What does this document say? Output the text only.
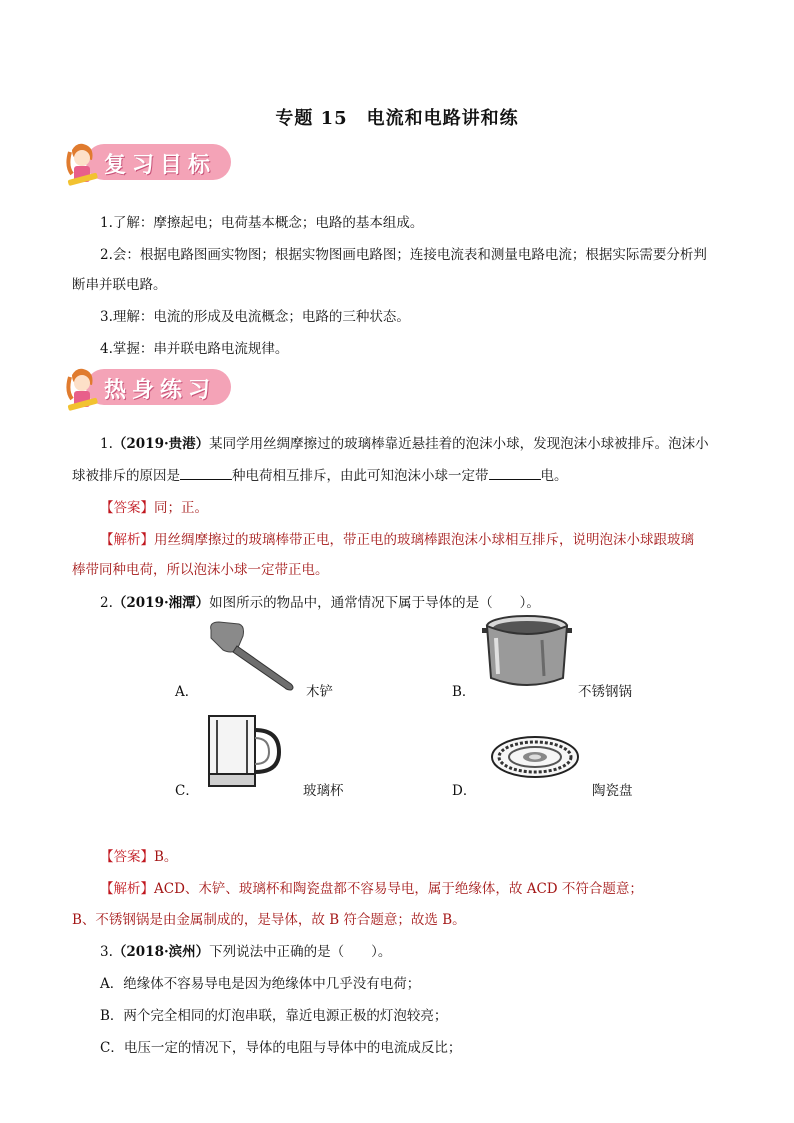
专题 15　电流和电路讲和练
复习目标
1.了解：摩擦起电；电荷基本概念；电路的基本组成。
2.会：根据电路图画实物图；根据实物图画电路图；连接电流表和测量电路电流；根据实际需要分析判
断串并联电路。
3.理解：电流的形成及电流概念；电路的三种状态。
4.掌握：串并联电路电流规律。
热身练习
1.（2019·贵港）某同学用丝绸摩擦过的玻璃棒靠近悬挂着的泡沫小球，发现泡沫小球被排斥。泡沫小
球被排斥的原因是	种电荷相互排斥，由此可知泡沫小球一定带	电。
【答案】同；正。
【解析】用丝绸摩擦过的玻璃棒带正电，带正电的玻璃棒跟泡沫小球相互排斥，说明泡沫小球跟玻璃
棒带同种电荷，所以泡沫小球一定带正电。
2.（2019·湘潭）如图所示的物品中，通常情况下属于导体的是（　　）。
A．	木铲	B．	不锈钢锅
C．	玻璃杯	D．	陶瓷盘
【答案】B。
【解析】ACD、木铲、玻璃杯和陶瓷盘都不容易导电，属于绝缘体，故 ACD 不符合题意；
B、不锈钢锅是由金属制成的，是导体，故 B 符合题意；故选 B。
3.（2018·滨州）下列说法中正确的是（　　）。
A．绝缘体不容易导电是因为绝缘体中几乎没有电荷；
B．两个完全相同的灯泡串联，靠近电源正极的灯泡较亮；
C．电压一定的情况下，导体的电阻与导体中的电流成反比；
